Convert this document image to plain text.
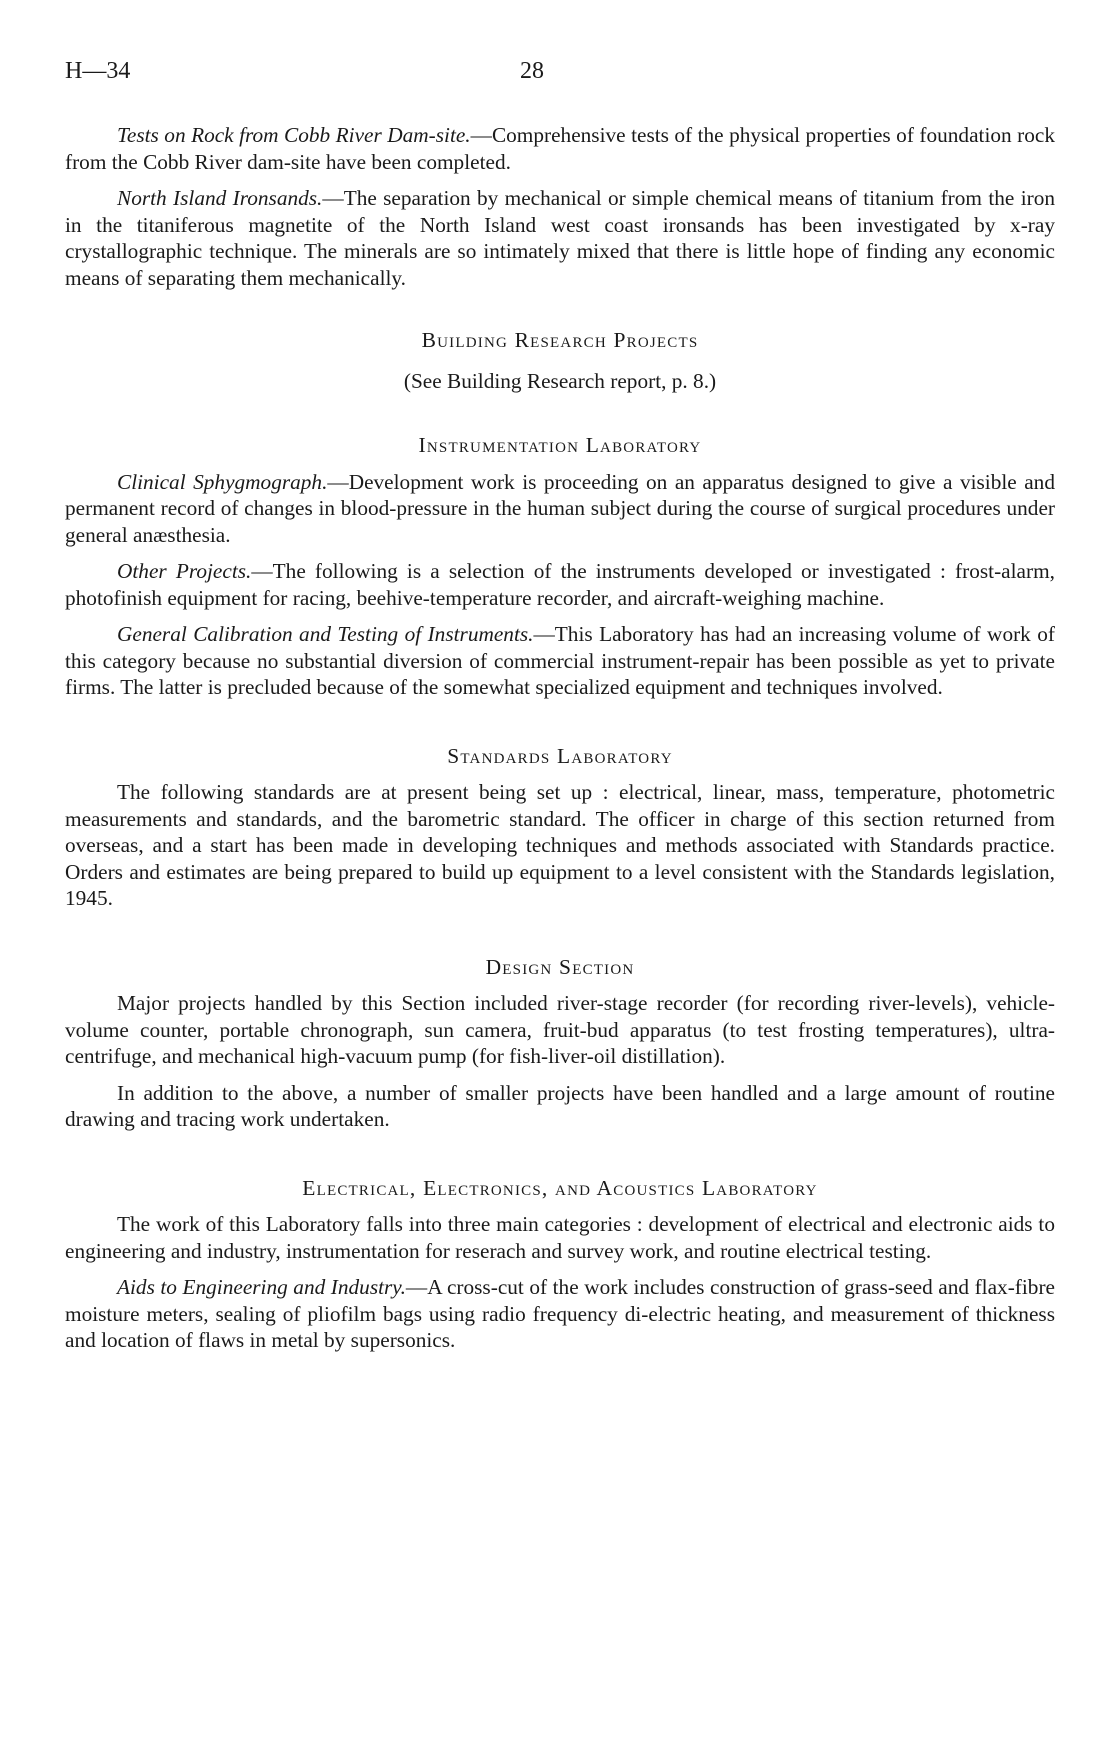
H—34	28

Tests on Rock from Cobb River Dam-site.—Comprehensive tests of the physical properties of foundation rock from the Cobb River dam-site have been completed.

North Island Ironsands.—The separation by mechanical or simple chemical means of titanium from the iron in the titaniferous magnetite of the North Island west coast ironsands has been investigated by x-ray crystallographic technique. The minerals are so intimately mixed that there is little hope of finding any economic means of separating them mechanically.

Building Research Projects

(See Building Research report, p. 8.)

Instrumentation Laboratory

Clinical Sphygmograph.—Development work is proceeding on an apparatus designed to give a visible and permanent record of changes in blood-pressure in the human subject during the course of surgical procedures under general anæsthesia.

Other Projects.—The following is a selection of the instruments developed or investigated : frost-alarm, photofinish equipment for racing, beehive-temperature recorder, and aircraft-weighing machine.

General Calibration and Testing of Instruments.—This Laboratory has had an increasing volume of work of this category because no substantial diversion of commercial instrument-repair has been possible as yet to private firms. The latter is precluded because of the somewhat specialized equipment and techniques involved.

Standards Laboratory

The following standards are at present being set up : electrical, linear, mass, temperature, photometric measurements and standards, and the barometric standard. The officer in charge of this section returned from overseas, and a start has been made in developing techniques and methods associated with Standards practice. Orders and estimates are being prepared to build up equipment to a level consistent with the Standards legislation, 1945.

Design Section

Major projects handled by this Section included river-stage recorder (for recording river-levels), vehicle-volume counter, portable chronograph, sun camera, fruit-bud apparatus (to test frosting temperatures), ultra-centrifuge, and mechanical high-vacuum pump (for fish-liver-oil distillation).

In addition to the above, a number of smaller projects have been handled and a large amount of routine drawing and tracing work undertaken.

Electrical, Electronics, and Acoustics Laboratory

The work of this Laboratory falls into three main categories : development of electrical and electronic aids to engineering and industry, instrumentation for reserach and survey work, and routine electrical testing.

Aids to Engineering and Industry.—A cross-cut of the work includes construction of grass-seed and flax-fibre moisture meters, sealing of pliofilm bags using radio frequency di-electric heating, and measurement of thickness and location of flaws in metal by supersonics.
